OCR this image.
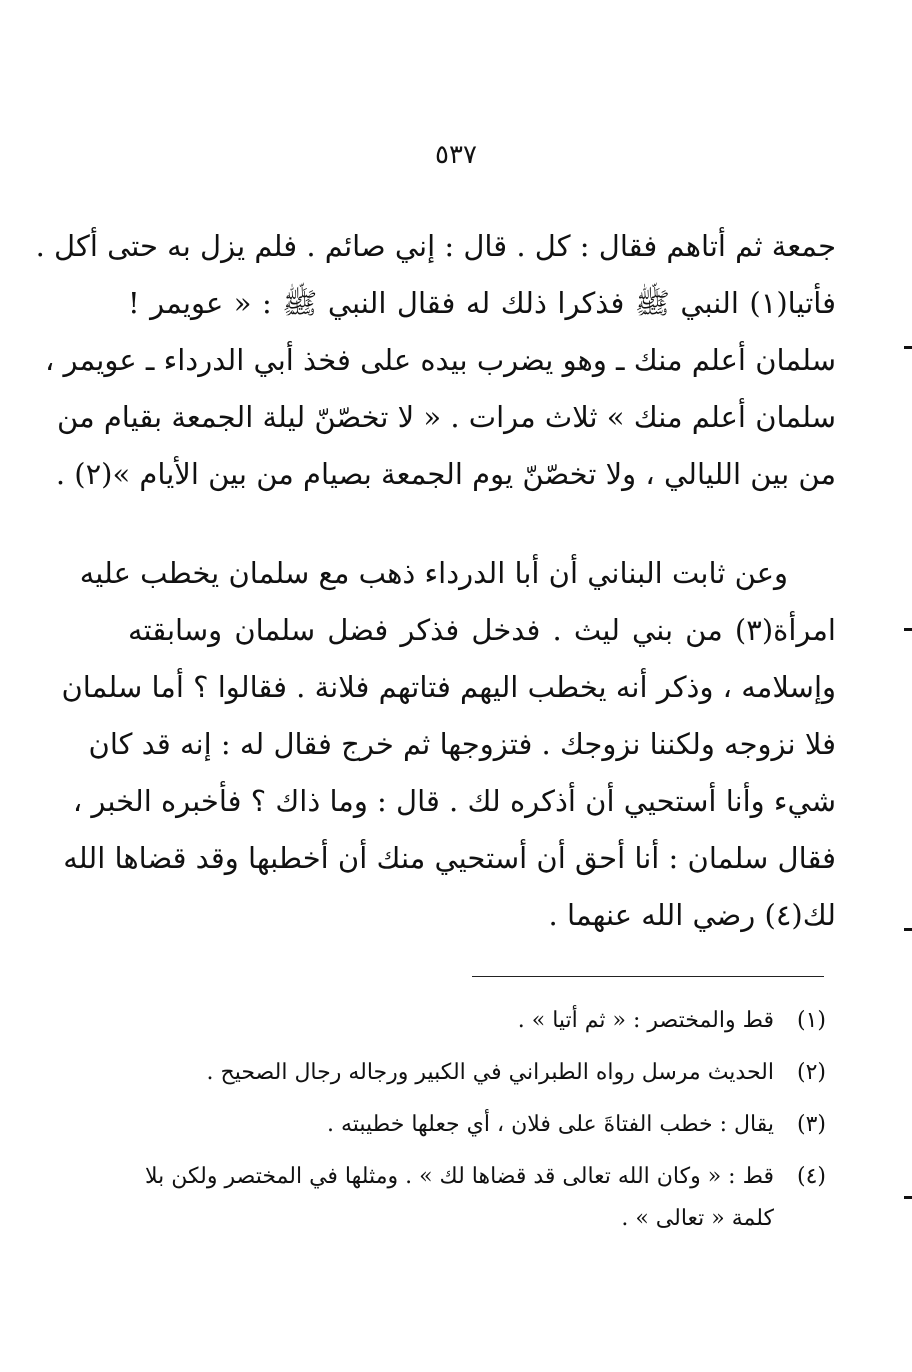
٥٣٧
جمعة ثم أتاهم فقال : كل . قال : إني صائم . فلم يزل به حتى أكل .
فأتيا(١) النبي ﷺ فذكرا ذلك له فقال النبي ﷺ : « عويمر !
سلمان أعلم منك ـ وهو يضرب بيده على فخذ أبي الدرداء ـ عويمر ،
سلمان أعلم منك » ثلاث مرات . « لا تخصّنّ ليلة الجمعة بقيام من
من بين الليالي ، ولا تخصّنّ يوم الجمعة بصيام من بين الأيام »(٢) .
وعن ثابت البناني أن أبا الدرداء ذهب مع سلمان يخطب عليه
امرأة(٣) من بني ليث . فدخل فذكر فضل سلمان وسابقته
وإسلامه ، وذكر أنه يخطب اليهم فتاتهم فلانة . فقالوا ؟ أما سلمان
فلا نزوجه ولكننا نزوجك . فتزوجها ثم خرج فقال له : إنه قد كان
شيء وأنا أستحيي أن أذكره لك . قال : وما ذاك ؟ فأخبره الخبر ،
فقال سلمان : أنا أحق أن أستحيي منك أن أخطبها وقد قضاها الله
لك(٤) رضي الله عنهما .
(١)
قط والمختصر : « ثم أتيا » .
(٢)
الحديث مرسل رواه الطبراني في الكبير ورجاله رجال الصحيح .
(٣)
يقال : خطب الفتاةَ على فلان ، أي جعلها خطيبته .
(٤)
قط : « وكان الله تعالى قد قضاها لك » . ومثلها في المختصر ولكن بلا كلمة « تعالى » .
